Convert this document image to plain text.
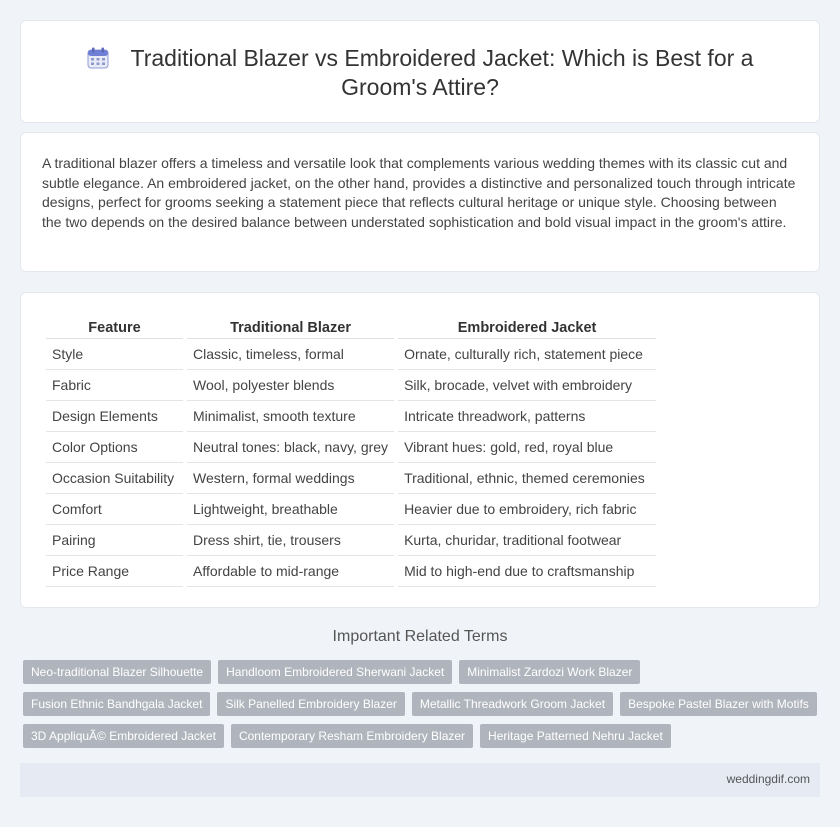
Traditional Blazer vs Embroidered Jacket: Which is Best for a Groom's Attire?

A traditional blazer offers a timeless and versatile look that complements various wedding themes with its classic cut and subtle elegance. An embroidered jacket, on the other hand, provides a distinctive and personalized touch through intricate designs, perfect for grooms seeking a statement piece that reflects cultural heritage or unique style. Choosing between the two depends on the desired balance between understated sophistication and bold visual impact in the groom's attire.

Feature	Traditional Blazer	Embroidered Jacket
Style	Classic, timeless, formal	Ornate, culturally rich, statement piece
Fabric	Wool, polyester blends	Silk, brocade, velvet with embroidery
Design Elements	Minimalist, smooth texture	Intricate threadwork, patterns
Color Options	Neutral tones: black, navy, grey	Vibrant hues: gold, red, royal blue
Occasion Suitability	Western, formal weddings	Traditional, ethnic, themed ceremonies
Comfort	Lightweight, breathable	Heavier due to embroidery, rich fabric
Pairing	Dress shirt, tie, trousers	Kurta, churidar, traditional footwear
Price Range	Affordable to mid-range	Mid to high-end due to craftsmanship
Important Related Terms
Neo-traditional Blazer Silhouette	Handloom Embroidered Sherwani Jacket	Minimalist Zardozi Work Blazer
Fusion Ethnic Bandhgala Jacket	Silk Panelled Embroidery Blazer	Metallic Threadwork Groom Jacket	Bespoke Pastel Blazer with Motifs
3D AppliquÃ© Embroidered Jacket	Contemporary Resham Embroidery Blazer	Heritage Patterned Nehru Jacket
weddingdif.com
